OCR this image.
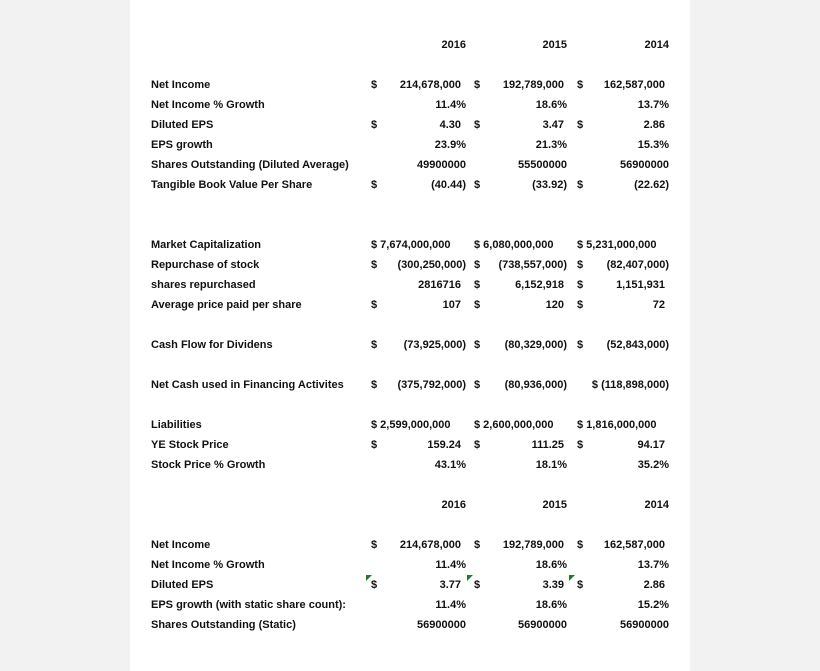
2016	2015	2014
Net Income	$	214,678,000 $	192,789,000 $	162,587,000
Net Income % Growth	11.4%	18.6%	13.7%
Diluted EPS	$	4.30 $	3.47 $	2.86
EPS growth	23.9%	21.3%	15.3%
Shares Outstanding (Diluted Average)	49900000	55500000	56900000
Tangible Book Value Per Share	$	(40.44) $	(33.92) $	(22.62)
Market Capitalization	$ 7,674,000,000 $ 6,080,000,000 $ 5,231,000,000
Repurchase of stock	$	(300,250,000) $	(738,557,000) $	(82,407,000)
shares repurchased	2816716 $	6,152,918 $	1,151,931
Average price paid per share	$	107 $	120 $	72
Cash Flow for Dividens	$	(73,925,000) $	(80,329,000) $	(52,843,000)
Net Cash used in Financing Activites $	(375,792,000) $	(80,936,000) $ (118,898,000)
Liabilities	$ 2,599,000,000 $ 2,600,000,000 $ 1,816,000,000
YE Stock Price	$	159.24 $	111.25 $	94.17
Stock Price % Growth	43.1%	18.1%	35.2%
2016	2015	2014
Net Income	$	214,678,000 $	192,789,000 $	162,587,000
Net Income % Growth	11.4%	18.6%	13.7%
Diluted EPS	$	3.77 $	3.39 $	2.86
EPS growth (with static share count):	11.4%	18.6%	15.2%
Shares Outstanding (Static)	56900000	56900000	56900000
